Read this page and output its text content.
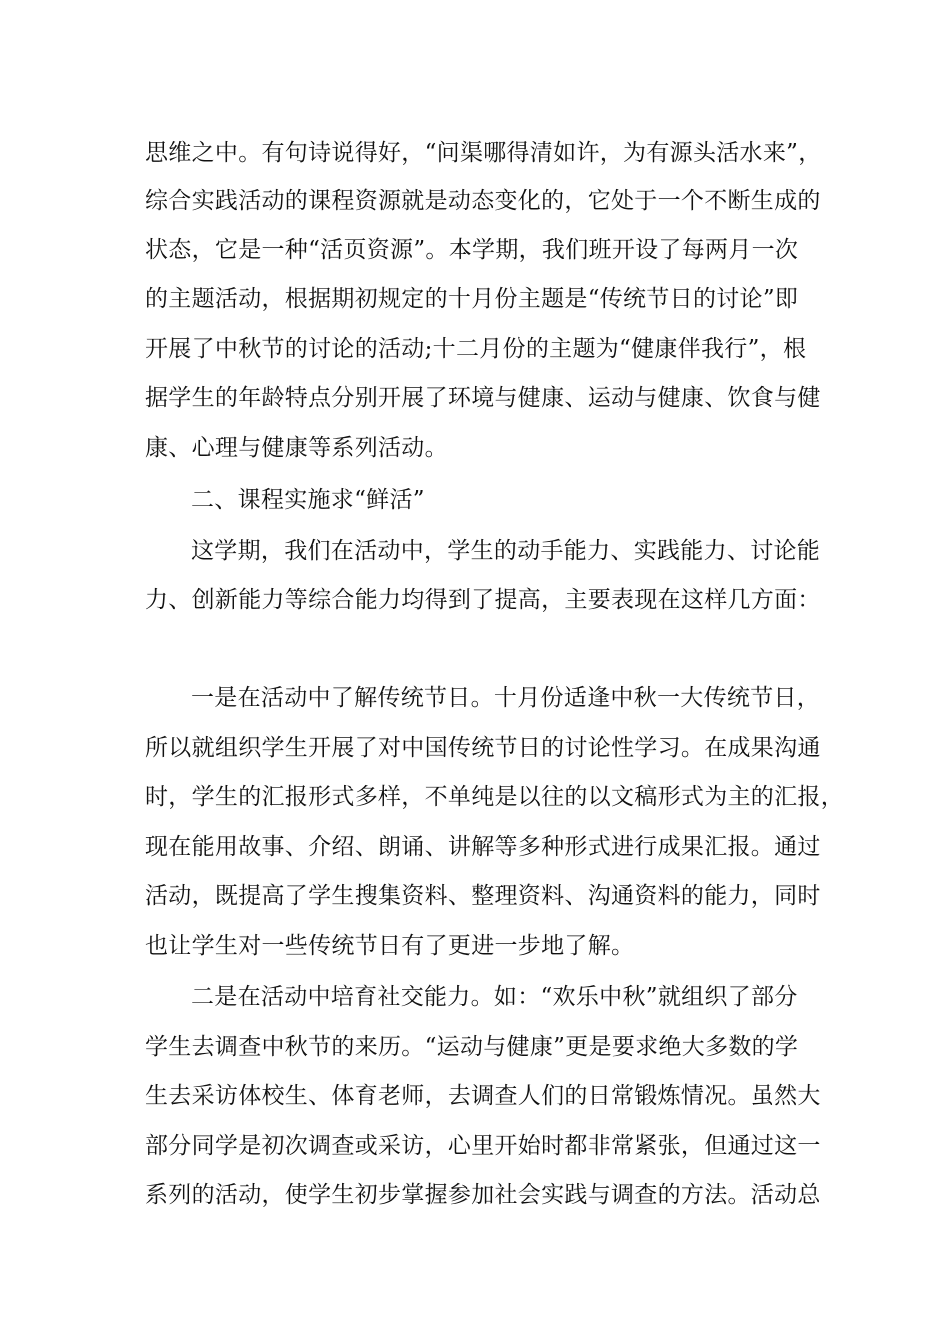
思维之中。有句诗说得好，“问渠哪得清如许，为有源头活水来”，
综合实践活动的课程资源就是动态变化的，它处于一个不断生成的
状态，它是一种“活页资源”。本学期，我们班开设了每两月一次
的主题活动，根据期初规定的十月份主题是“传统节日的讨论”即
开展了中秋节的讨论的活动;十二月份的主题为“健康伴我行”，根
据学生的年龄特点分别开展了环境与健康、运动与健康、饮食与健
康、心理与健康等系列活动。
二、课程实施求“鲜活”
这学期，我们在活动中，学生的动手能力、实践能力、讨论能
力、创新能力等综合能力均得到了提高，主要表现在这样几方面：
一是在活动中了解传统节日。十月份适逢中秋一大传统节日，
所以就组织学生开展了对中国传统节日的讨论性学习。在成果沟通
时，学生的汇报形式多样，不单纯是以往的以文稿形式为主的汇报，
现在能用故事、介绍、朗诵、讲解等多种形式进行成果汇报。通过
活动，既提高了学生搜集资料、整理资料、沟通资料的能力，同时
也让学生对一些传统节日有了更进一步地了解。
二是在活动中培育社交能力。如：“欢乐中秋”就组织了部分
学生去调查中秋节的来历。“运动与健康”更是要求绝大多数的学
生去采访体校生、体育老师，去调查人们的日常锻炼情况。虽然大
部分同学是初次调查或采访，心里开始时都非常紧张，但通过这一
系列的活动，使学生初步掌握参加社会实践与调查的方法。活动总
